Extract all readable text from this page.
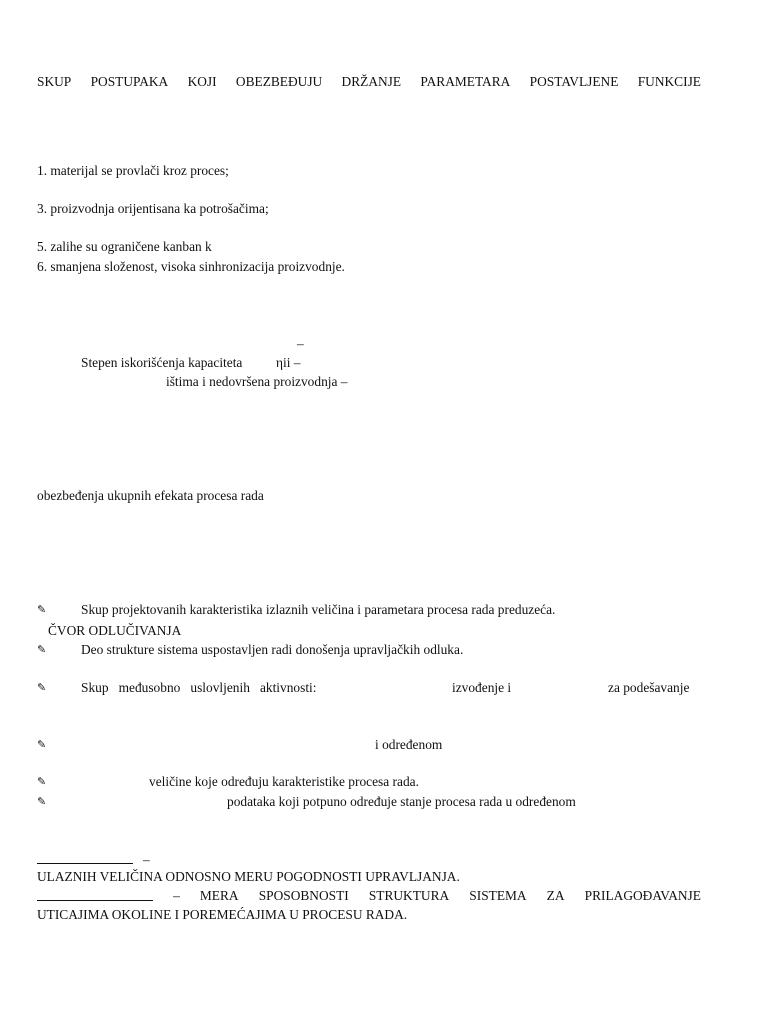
SKUP POSTUPAKA KOJI OBEZBEĐUJU DRŽANJE PARAMETARA POSTAVLJENE FUNKCIJE
1. materijal se provlači kroz proces;
3. proizvodnja orijentisana ka potrošačima;
5. zalihe su ograničene kanban k
6. smanjena složenost, visoka sinhronizacija proizvodnje.
–
Stepen iskorišćenja kapaciteta	ηii –
ištima i nedovršena proizvodnja –
obezbeđenja ukupnih efekata procesa rada
✎	Skup projektovanih karakteristika izlaznih veličina i parametara procesa rada preduzeća.
ČVOR ODLUČIVANJA
✎	Deo strukture sistema uspostavljen radi donošenja upravljačkih odluka.
✎	Skup međusobno uslovljenih aktivnosti:	izvođenje i	za podešavanje
✎	i određenom
✎	veličine koje određuju karakteristike procesa rada.
✎	podataka koji potpuno određuje stanje procesa rada u određenom
–
ULAZNIH VELIČINA ODNOSNO MERU POGODNOSTI UPRAVLJANJA.
– MERA SPOSOBNOSTI STRUKTURA SISTEMA ZA PRILAGOĐAVANJE
UTICAJIMA OKOLINE I POREMEĆAJIMA U PROCESU RADA.
